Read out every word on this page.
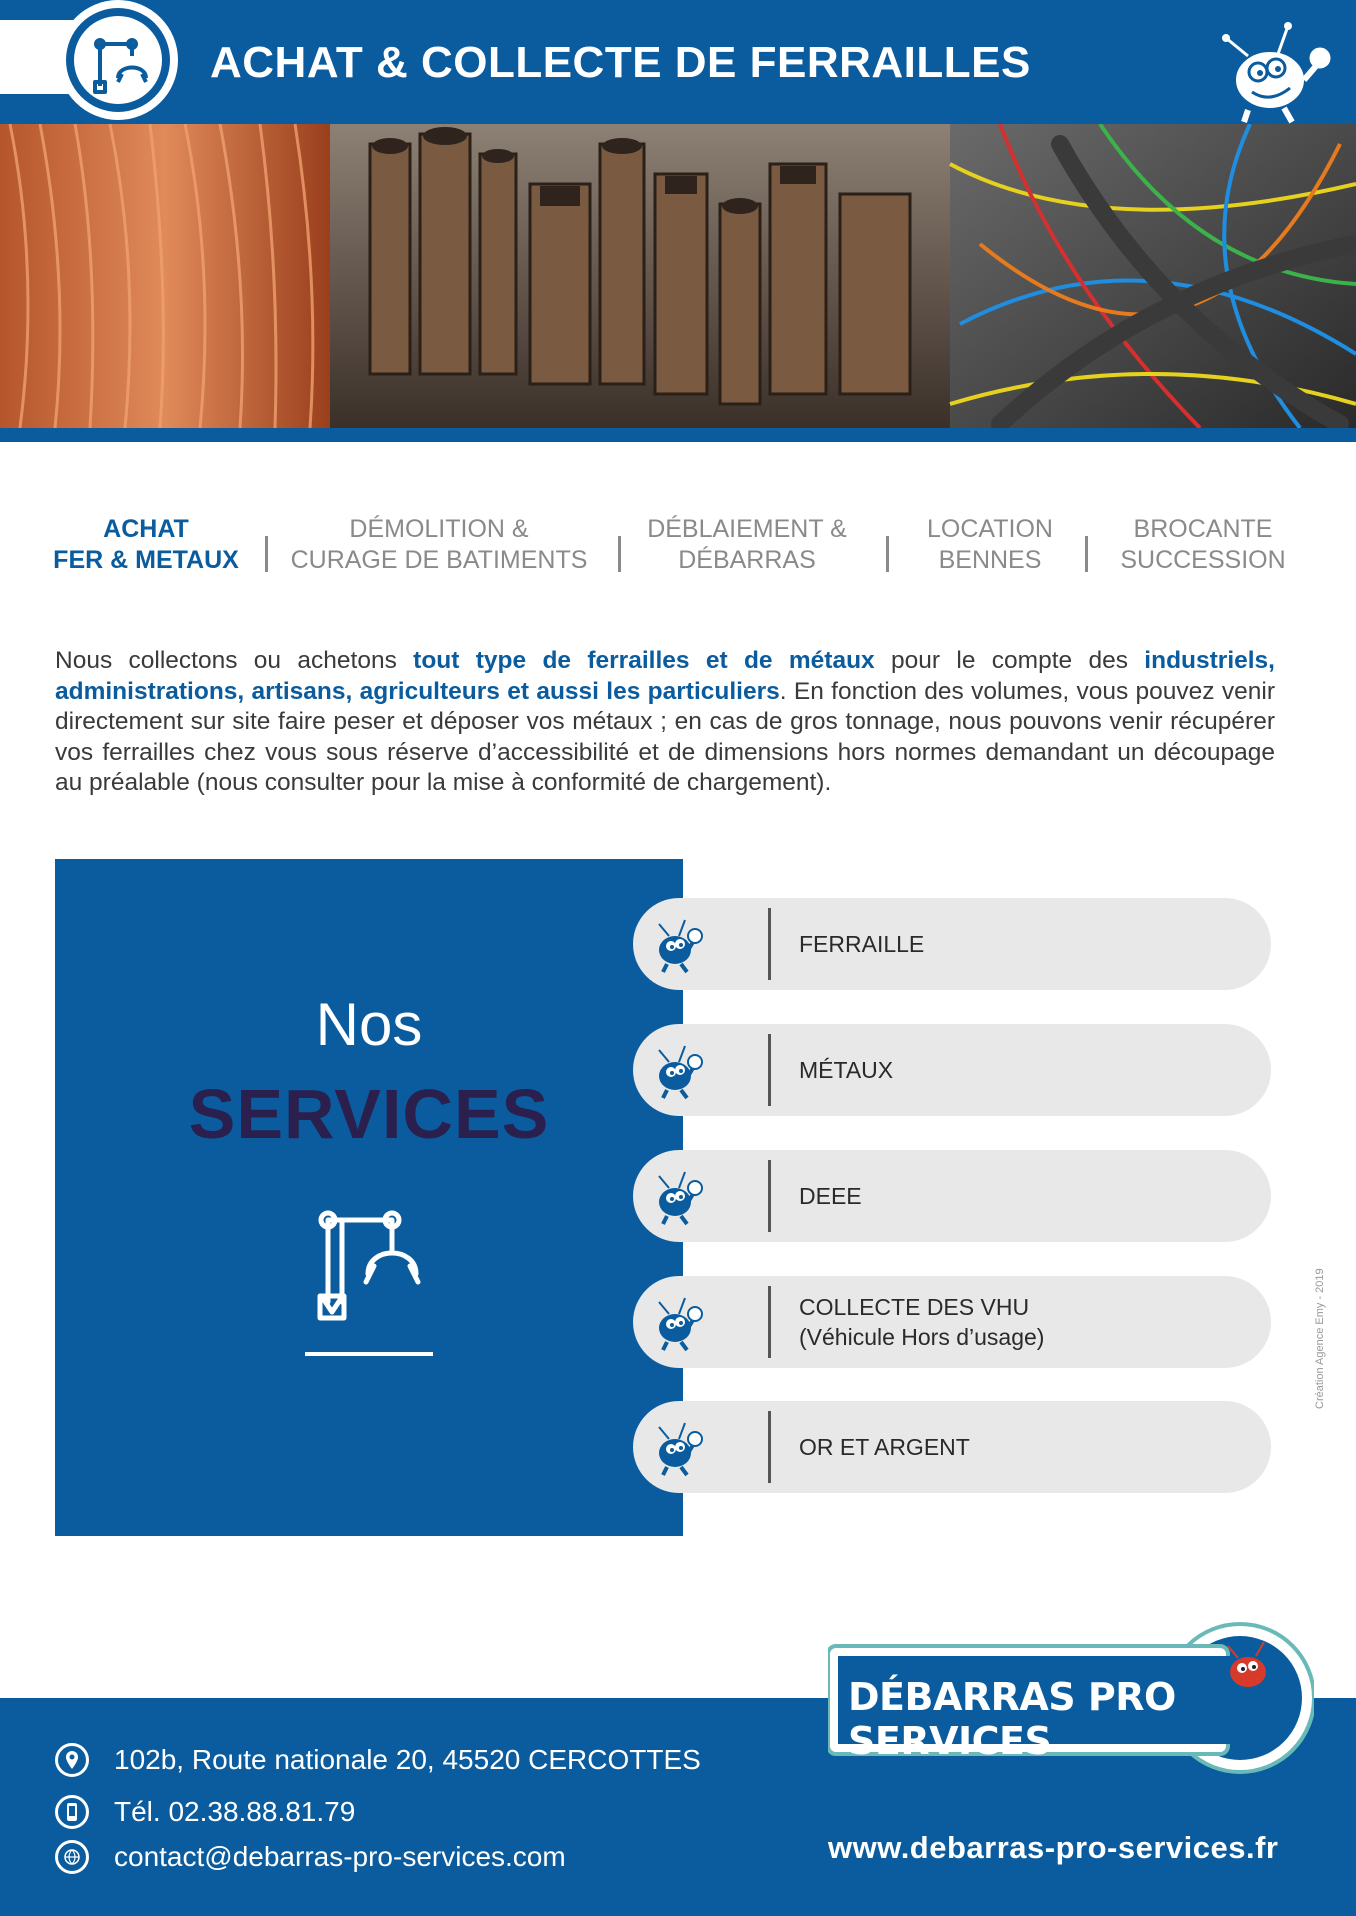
ACHAT & COLLECTE DE FERRAILLES
ACHAT
FER & METAUX
DÉMOLITION &
CURAGE DE BATIMENTS
DÉBLAIEMENT &
DÉBARRAS
LOCATION
BENNES
BROCANTE
SUCCESSION
Nous collectons ou achetons tout type de ferrailles et de métaux pour le compte des industriels, administrations, artisans, agriculteurs et aussi les particuliers. En fonction des volumes, vous pouvez venir directement sur site faire peser et déposer vos métaux ; en cas de gros tonnage, nous pouvons venir récupérer vos ferrailles chez vous sous réserve d’accessibilité et de dimensions hors normes demandant un découpage au préalable (nous consulter pour la mise à conformité de chargement).
Nos
SERVICES
FERRAILLE
MÉTAUX
DEEE
COLLECTE DES VHU
(Véhicule Hors d’usage)
OR ET ARGENT
Création Agence Emy - 2019
DÉBARRAS PRO SERVICES
102b, Route nationale 20, 45520 CERCOTTES
Tél. 02.38.88.81.79
contact@debarras-pro-services.com	www.debarras-pro-services.fr
